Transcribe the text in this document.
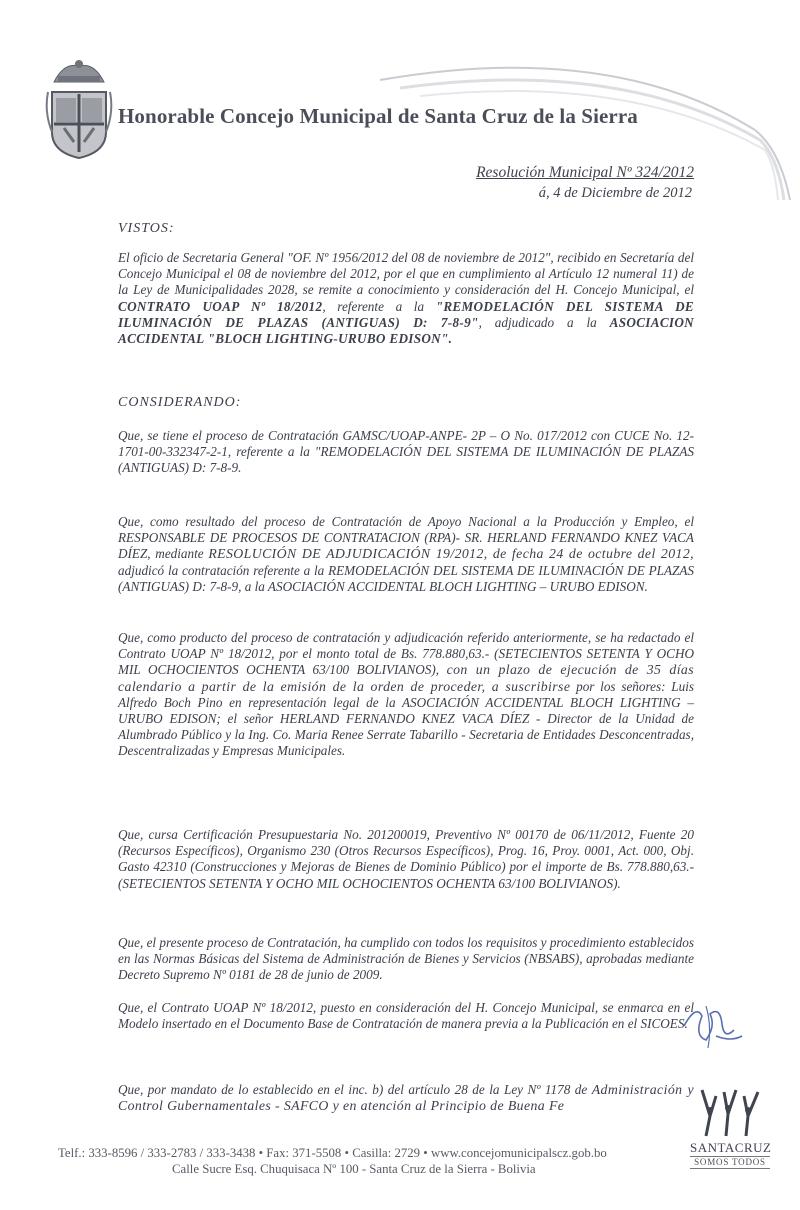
Honorable Concejo Municipal de Santa Cruz de la Sierra
Resolución Municipal Nº 324/2012
á, 4 de Diciembre de 2012
VISTOS:

El oficio de Secretaria General "OF. Nº 1956/2012 del 08 de noviembre de 2012", recibido en Secretaría del Concejo Municipal el 08 de noviembre del 2012, por el que en cumplimiento al Artículo 12 numeral 11) de la Ley de Municipalidades 2028, se remite a conocimiento y consideración del H. Concejo Municipal, el CONTRATO UOAP Nº 18/2012, referente a la "REMODELACIÓN DEL SISTEMA DE ILUMINACIÓN DE PLAZAS (ANTIGUAS) D: 7-8-9", adjudicado a la ASOCIACION ACCIDENTAL "BLOCH LIGHTING-URUBO EDISON".

CONSIDERANDO:

Que, se tiene el proceso de Contratación GAMSC/UOAP-ANPE- 2P – O No. 017/2012 con CUCE No. 12-1701-00-332347-2-1, referente a la "REMODELACIÓN DEL SISTEMA DE ILUMINACIÓN DE PLAZAS (ANTIGUAS) D: 7-8-9.

Que, como resultado del proceso de Contratación de Apoyo Nacional a la Producción y Empleo, el RESPONSABLE DE PROCESOS DE CONTRATACION (RPA)- SR. HERLAND FERNANDO KNEZ VACA DÍEZ, mediante RESOLUCIÓN DE ADJUDICACIÓN 19/2012, de fecha 24 de octubre del 2012, adjudicó la contratación referente a la REMODELACIÓN DEL SISTEMA DE ILUMINACIÓN DE PLAZAS (ANTIGUAS) D: 7-8-9, a la ASOCIACIÓN ACCIDENTAL BLOCH LIGHTING – URUBO EDISON.

Que, como producto del proceso de contratación y adjudicación referido anteriormente, se ha redactado el Contrato UOAP Nº 18/2012, por el monto total de Bs. 778.880,63.- (SETECIENTOS SETENTA Y OCHO MIL OCHOCIENTOS OCHENTA 63/100 BOLIVIANOS), con un plazo de ejecución de 35 días calendario a partir de la emisión de la orden de proceder, a suscribirse por los señores: Luis Alfredo Boch Pino en representación legal de la ASOCIACIÓN ACCIDENTAL BLOCH LIGHTING – URUBO EDISON; el señor HERLAND FERNANDO KNEZ VACA DÍEZ - Director de la Unidad de Alumbrado Público y la Ing. Co. Maria Renee Serrate Tabarillo - Secretaria de Entidades Desconcentradas, Descentralizadas y Empresas Municipales.

Que, cursa Certificación Presupuestaria No. 201200019, Preventivo Nº 00170 de 06/11/2012, Fuente 20 (Recursos Específicos), Organismo 230 (Otros Recursos Específicos), Prog. 16, Proy. 0001, Act. 000, Obj. Gasto 42310 (Construcciones y Mejoras de Bienes de Dominio Público) por el importe de Bs. 778.880,63.- (SETECIENTOS SETENTA Y OCHO MIL OCHOCIENTOS OCHENTA 63/100 BOLIVIANOS).

Que, el presente proceso de Contratación, ha cumplido con todos los requisitos y procedimiento establecidos en las Normas Básicas del Sistema de Administración de Bienes y Servicios (NBSABS), aprobadas mediante Decreto Supremo Nº 0181 de 28 de junio de 2009.

Que, el Contrato UOAP Nº 18/2012, puesto en consideración del H. Concejo Municipal, se enmarca en el Modelo insertado en el Documento Base de Contratación de manera previa a la Publicación en el SICOES.

Que, por mandato de lo establecido en el inc. b) del artículo 28 de la Ley Nº 1178 de Administración y Control Gubernamentales - SAFCO y en atención al Principio de Buena Fe

Telf.: 333-8596 / 333-2783 / 333-3438 • Fax: 371-5508 • Casilla: 2729 • www.concejomunicipalscz.gob.bo
Calle Sucre Esq. Chuquisaca Nº 100 - Santa Cruz de la Sierra - Bolivia
SANTACRUZ
SOMOS TODOS
